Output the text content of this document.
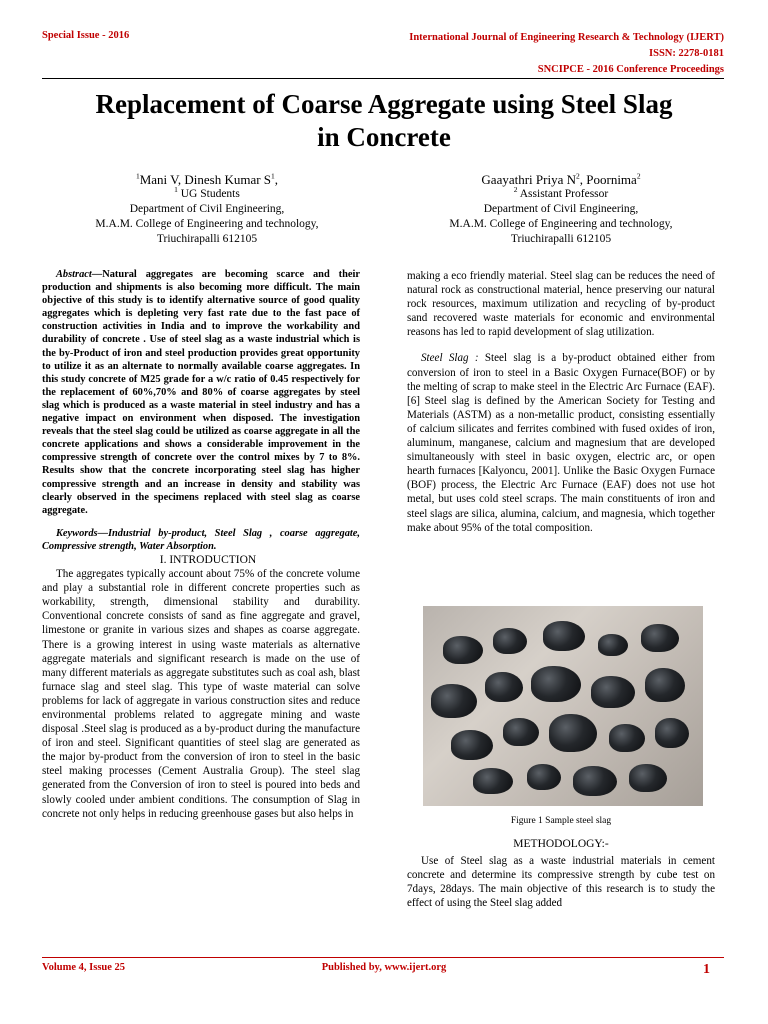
Special Issue - 2016	International Journal of Engineering Research & Technology (IJERT)
ISSN: 2278-0181
SNCIPCE - 2016 Conference Proceedings
Replacement of Coarse Aggregate using Steel Slag
in Concrete
$^1$Mani V, Dinesh Kumar $S^1$,
$^1$ UG Students
Department of Civil Engineering,
M.A.M. College of Engineering and technology,
Triuchirapalli 612105
Gaayathri Priya $N^2$, Poornima$^2$
$^2$ Assistant Professor
Department of Civil Engineering,
M.A.M. College of Engineering and technology,
Triuchirapalli 612105

Abstract—Natural aggregates are becoming scarce and their production and shipments is also becoming more difficult. The main objective of this study is to identify alternative source of good quality aggregates which is depleting very fast rate due to the fast pace of construction activities in India and to improve the workability and durability of concrete . Use of steel slag as a waste industrial which is the by-Product of iron and steel production provides great opportunity to utilize it as an alternate to normally available coarse aggregates. In this study concrete of M25 grade for a w/c ratio of 0.45 respectively for the replacement of 60%,70% and 80% of coarse aggregates by steel slag which is produced as a waste material in steel industry and has a negative impact on environment when disposed. The investigation reveals that the steel slag could be utilized as coarse aggregate in all the concrete applications and shows a considerable improvement in the compressive strength of concrete over the control mixes by 7 to 8%. Results show that the concrete incorporating steel slag has higher compressive strength and an increase in density and stability was clearly observed in the specimens replaced with steel slag as coarse aggregate.

Keywords—Industrial by-product, Steel Slag , coarse aggregate, Compressive strength, Water Absorption.

I. INTRODUCTION

The aggregates typically account about 75% of the concrete volume and play a substantial role in different concrete properties such as workability, strength, dimensional stability and durability. Conventional concrete consists of sand as fine aggregate and gravel, limestone or granite in various sizes and shapes as coarse aggregate. There is a growing interest in using waste materials as alternative aggregate materials and significant research is made on the use of many different materials as aggregate substitutes such as coal ash, blast furnace slag and steel slag. This type of waste material can solve problems for lack of aggregate in various construction sites and reduce environmental problems related to aggregate mining and waste disposal .Steel slag is produced as a by-product during the manufacture of iron and steel. Significant quantities of steel slag are generated as the major by-product from the conversion of iron to steel in the basic steel making processes (Cement Australia Group). The steel slag generated from the Conversion of iron to steel is poured into beds and slowly cooled under ambient conditions. The consumption of Slag in concrete not only helps in reducing greenhouse gases but also helps in

making a eco friendly material. Steel slag can be reduces the need of natural rock as constructional material, hence preserving our natural rock resources, maximum utilization and recycling of by-product sand recovered waste materials for economic and environmental reasons has led to rapid development of slag utilization.

Steel Slag : Steel slag is a by-product obtained either from conversion of iron to steel in a Basic Oxygen Furnace(BOF) or by the melting of scrap to make steel in the Electric Arc Furnace (EAF). [6] Steel slag is defined by the American Society for Testing and Materials (ASTM) as a non-metallic product, consisting essentially of calcium silicates and ferrites combined with fused oxides of iron, aluminum, manganese, calcium and magnesium that are developed simultaneously with steel in basic oxygen, electric arc, or open hearth furnaces [Kalyoncu, 2001]. Unlike the Basic Oxygen Furnace (BOF) process, the Electric Arc Furnace (EAF) does not use hot metal, but uses cold steel scraps. The main constituents of iron and steel slags are silica, alumina, calcium, and magnesia, which together make about 95% of the total composition.

Figure 1 Sample steel slag
METHODOLOGY:-
Use of Steel slag as a waste industrial materials in cement concrete and determine its compressive strength by cube test on 7days, 28days. The main objective of this research is to study the effect of using the Steel slag added
Volume 4, Issue 25	Published by, www.ijert.org	1
